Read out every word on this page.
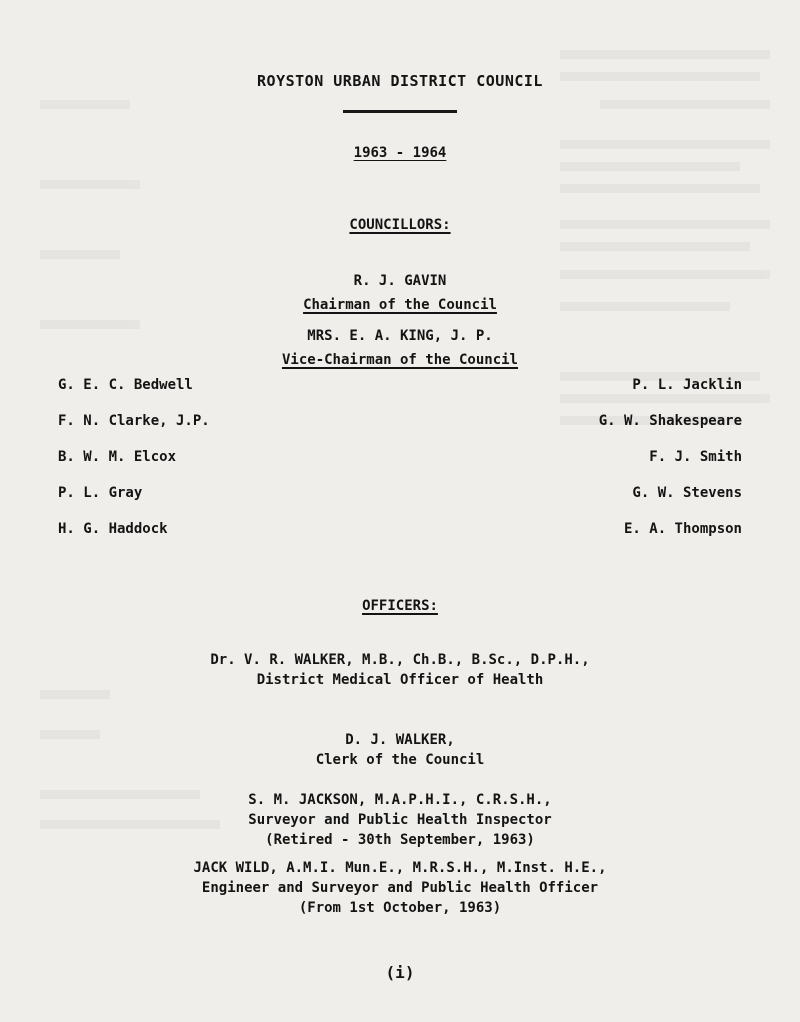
ROYSTON URBAN DISTRICT COUNCIL
1963 - 1964
COUNCILLORS:
R. J. GAVIN
Chairman of the Council
MRS. E. A. KING, J. P.
Vice-Chairman of the Council
G. E. C. Bedwell
F. N. Clarke, J.P.
B. W. M. Elcox
P. L. Gray
H. G. Haddock
P. L. Jacklin
G. W. Shakespeare
F. J. Smith
G. W. Stevens
E. A. Thompson
OFFICERS:
Dr. V. R. WALKER, M.B., Ch.B., B.Sc., D.P.H.,
District Medical Officer of Health
D. J. WALKER,
Clerk of the Council
S. M. JACKSON, M.A.P.H.I., C.R.S.H.,
Surveyor and Public Health Inspector
(Retired - 30th September, 1963)
JACK WILD, A.M.I. Mun.E., M.R.S.H., M.Inst. H.E.,
Engineer and Surveyor and Public Health Officer
(From 1st October, 1963)
(i)
